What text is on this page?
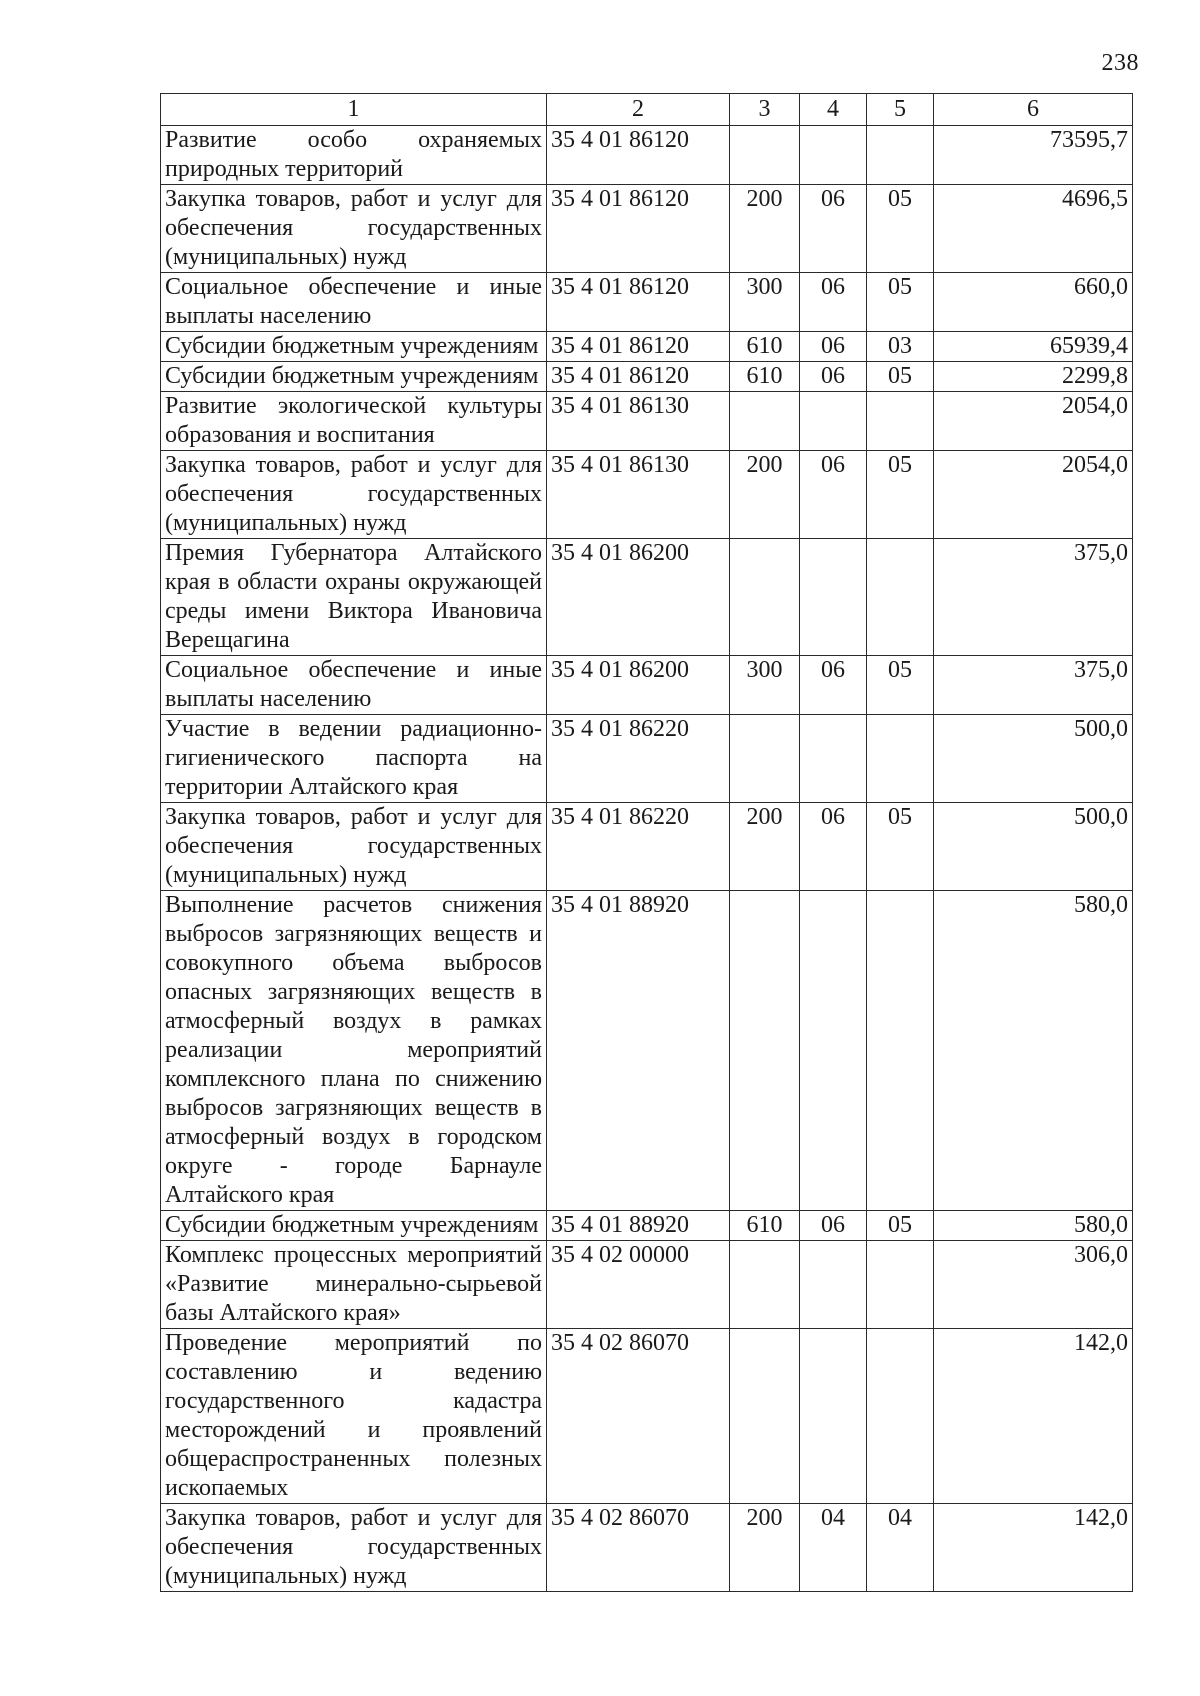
238
1	2	3	4	5	6
Развитие особо охраняемых природных территорий	35 4 01 86120				73595,7
Закупка товаров, работ и услуг для обеспечения государственных (муниципальных) нужд	35 4 01 86120	200	06	05	4696,5
Социальное обеспечение и иные выплаты населению	35 4 01 86120	300	06	05	660,0
Субсидии бюджетным учреждениям	35 4 01 86120	610	06	03	65939,4
Субсидии бюджетным учреждениям	35 4 01 86120	610	06	05	2299,8
Развитие экологической культуры образования и воспитания	35 4 01 86130				2054,0
Закупка товаров, работ и услуг для обеспечения государственных (муниципальных) нужд	35 4 01 86130	200	06	05	2054,0
Премия Губернатора Алтайского края в области охраны окружающей среды имени Виктора Ивановича Верещагина	35 4 01 86200				375,0
Социальное обеспечение и иные выплаты населению	35 4 01 86200	300	06	05	375,0
Участие в ведении радиационно-гигиенического паспорта на территории Алтайского края	35 4 01 86220				500,0
Закупка товаров, работ и услуг для обеспечения государственных (муниципальных) нужд	35 4 01 86220	200	06	05	500,0
Выполнение расчетов снижения выбросов загрязняющих веществ и совокупного объема выбросов опасных загрязняющих веществ в атмосферный воздух в рамках реализации мероприятий комплексного плана по снижению выбросов загрязняющих веществ в атмосферный воздух в городском округе - городе Барнауле Алтайского края	35 4 01 88920				580,0
Субсидии бюджетным учреждениям	35 4 01 88920	610	06	05	580,0
Комплекс процессных мероприятий «Развитие минерально-сырьевой базы Алтайского края»	35 4 02 00000				306,0
Проведение мероприятий по составлению и ведению государственного кадастра месторождений и проявлений общераспространенных полезных ископаемых	35 4 02 86070				142,0
Закупка товаров, работ и услуг для обеспечения государственных (муниципальных) нужд	35 4 02 86070	200	04	04	142,0
